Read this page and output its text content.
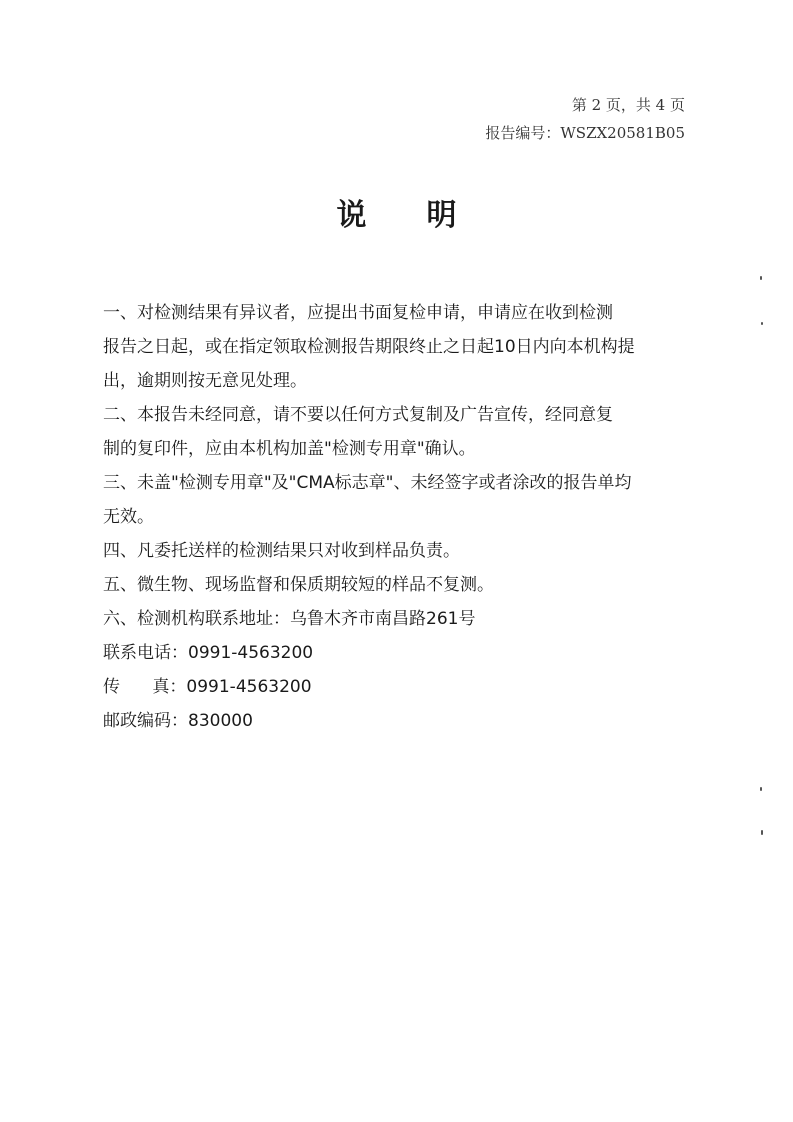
第 2 页，共 4 页
报告编号：WSZX20581B05
说明

一、对检测结果有异议者，应提出书面复检申请，申请应在收到检测

报告之日起，或在指定领取检测报告期限终止之日起10日内向本机构提

出，逾期则按无意见处理。

二、本报告未经同意，请不要以任何方式复制及广告宣传，经同意复

制的复印件，应由本机构加盖"检测专用章"确认。

三、未盖"检测专用章"及"CMA标志章"、未经签字或者涂改的报告单均

无效。

四、凡委托送样的检测结果只对收到样品负责。

五、微生物、现场监督和保质期较短的样品不复测。

六、检测机构联系地址：乌鲁木齐市南昌路261号

联系电话：0991-4563200

传      真：0991-4563200

邮政编码：830000
